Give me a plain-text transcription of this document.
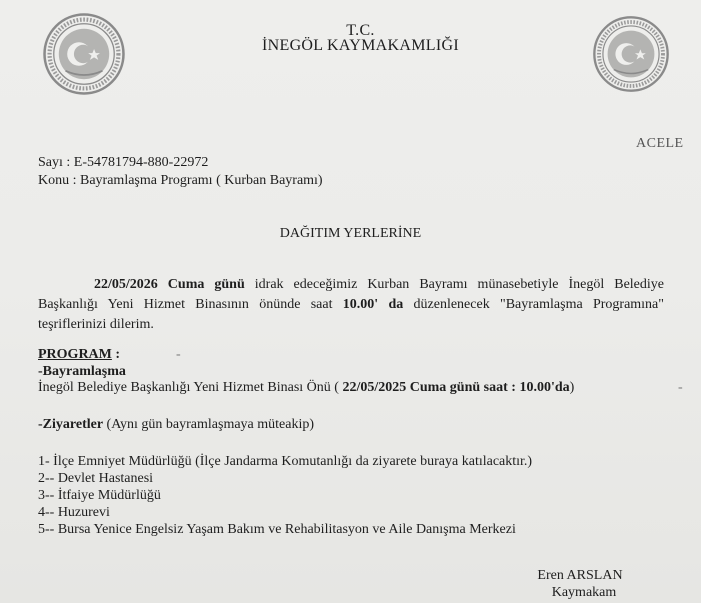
T.C.
İNEGÖL KAYMAKAMLIĞI
ACELE
Sayı : E-54781794-880-22972
Konu : Bayramlaşma Programı ( Kurban Bayramı)
DAĞITIM YERLERİNE
22/05/2026 Cuma günü idrak edeceğimiz Kurban Bayramı münasebetiyle İnegöl Belediye Başkanlığı Yeni Hizmet Binasının önünde saat 10.00' da düzenlenecek "Bayramlaşma Programına" teşriflerinizi dilerim.
PROGRAM :	-
-Bayramlaşma
İnegöl Belediye Başkanlığı Yeni Hizmet Binası Önü ( 22/05/2025 Cuma günü saat : 10.00'da)	-
-Ziyaretler (Aynı gün bayramlaşmaya müteakip)
1- İlçe Emniyet Müdürlüğü (İlçe Jandarma Komutanlığı da ziyarete buraya katılacaktır.)
2-- Devlet Hastanesi
3-- İtfaiye Müdürlüğü
4-- Huzurevi
5-- Bursa Yenice Engelsiz Yaşam Bakım ve Rehabilitasyon ve Aile Danışma Merkezi
Eren ARSLAN
Kaymakam
